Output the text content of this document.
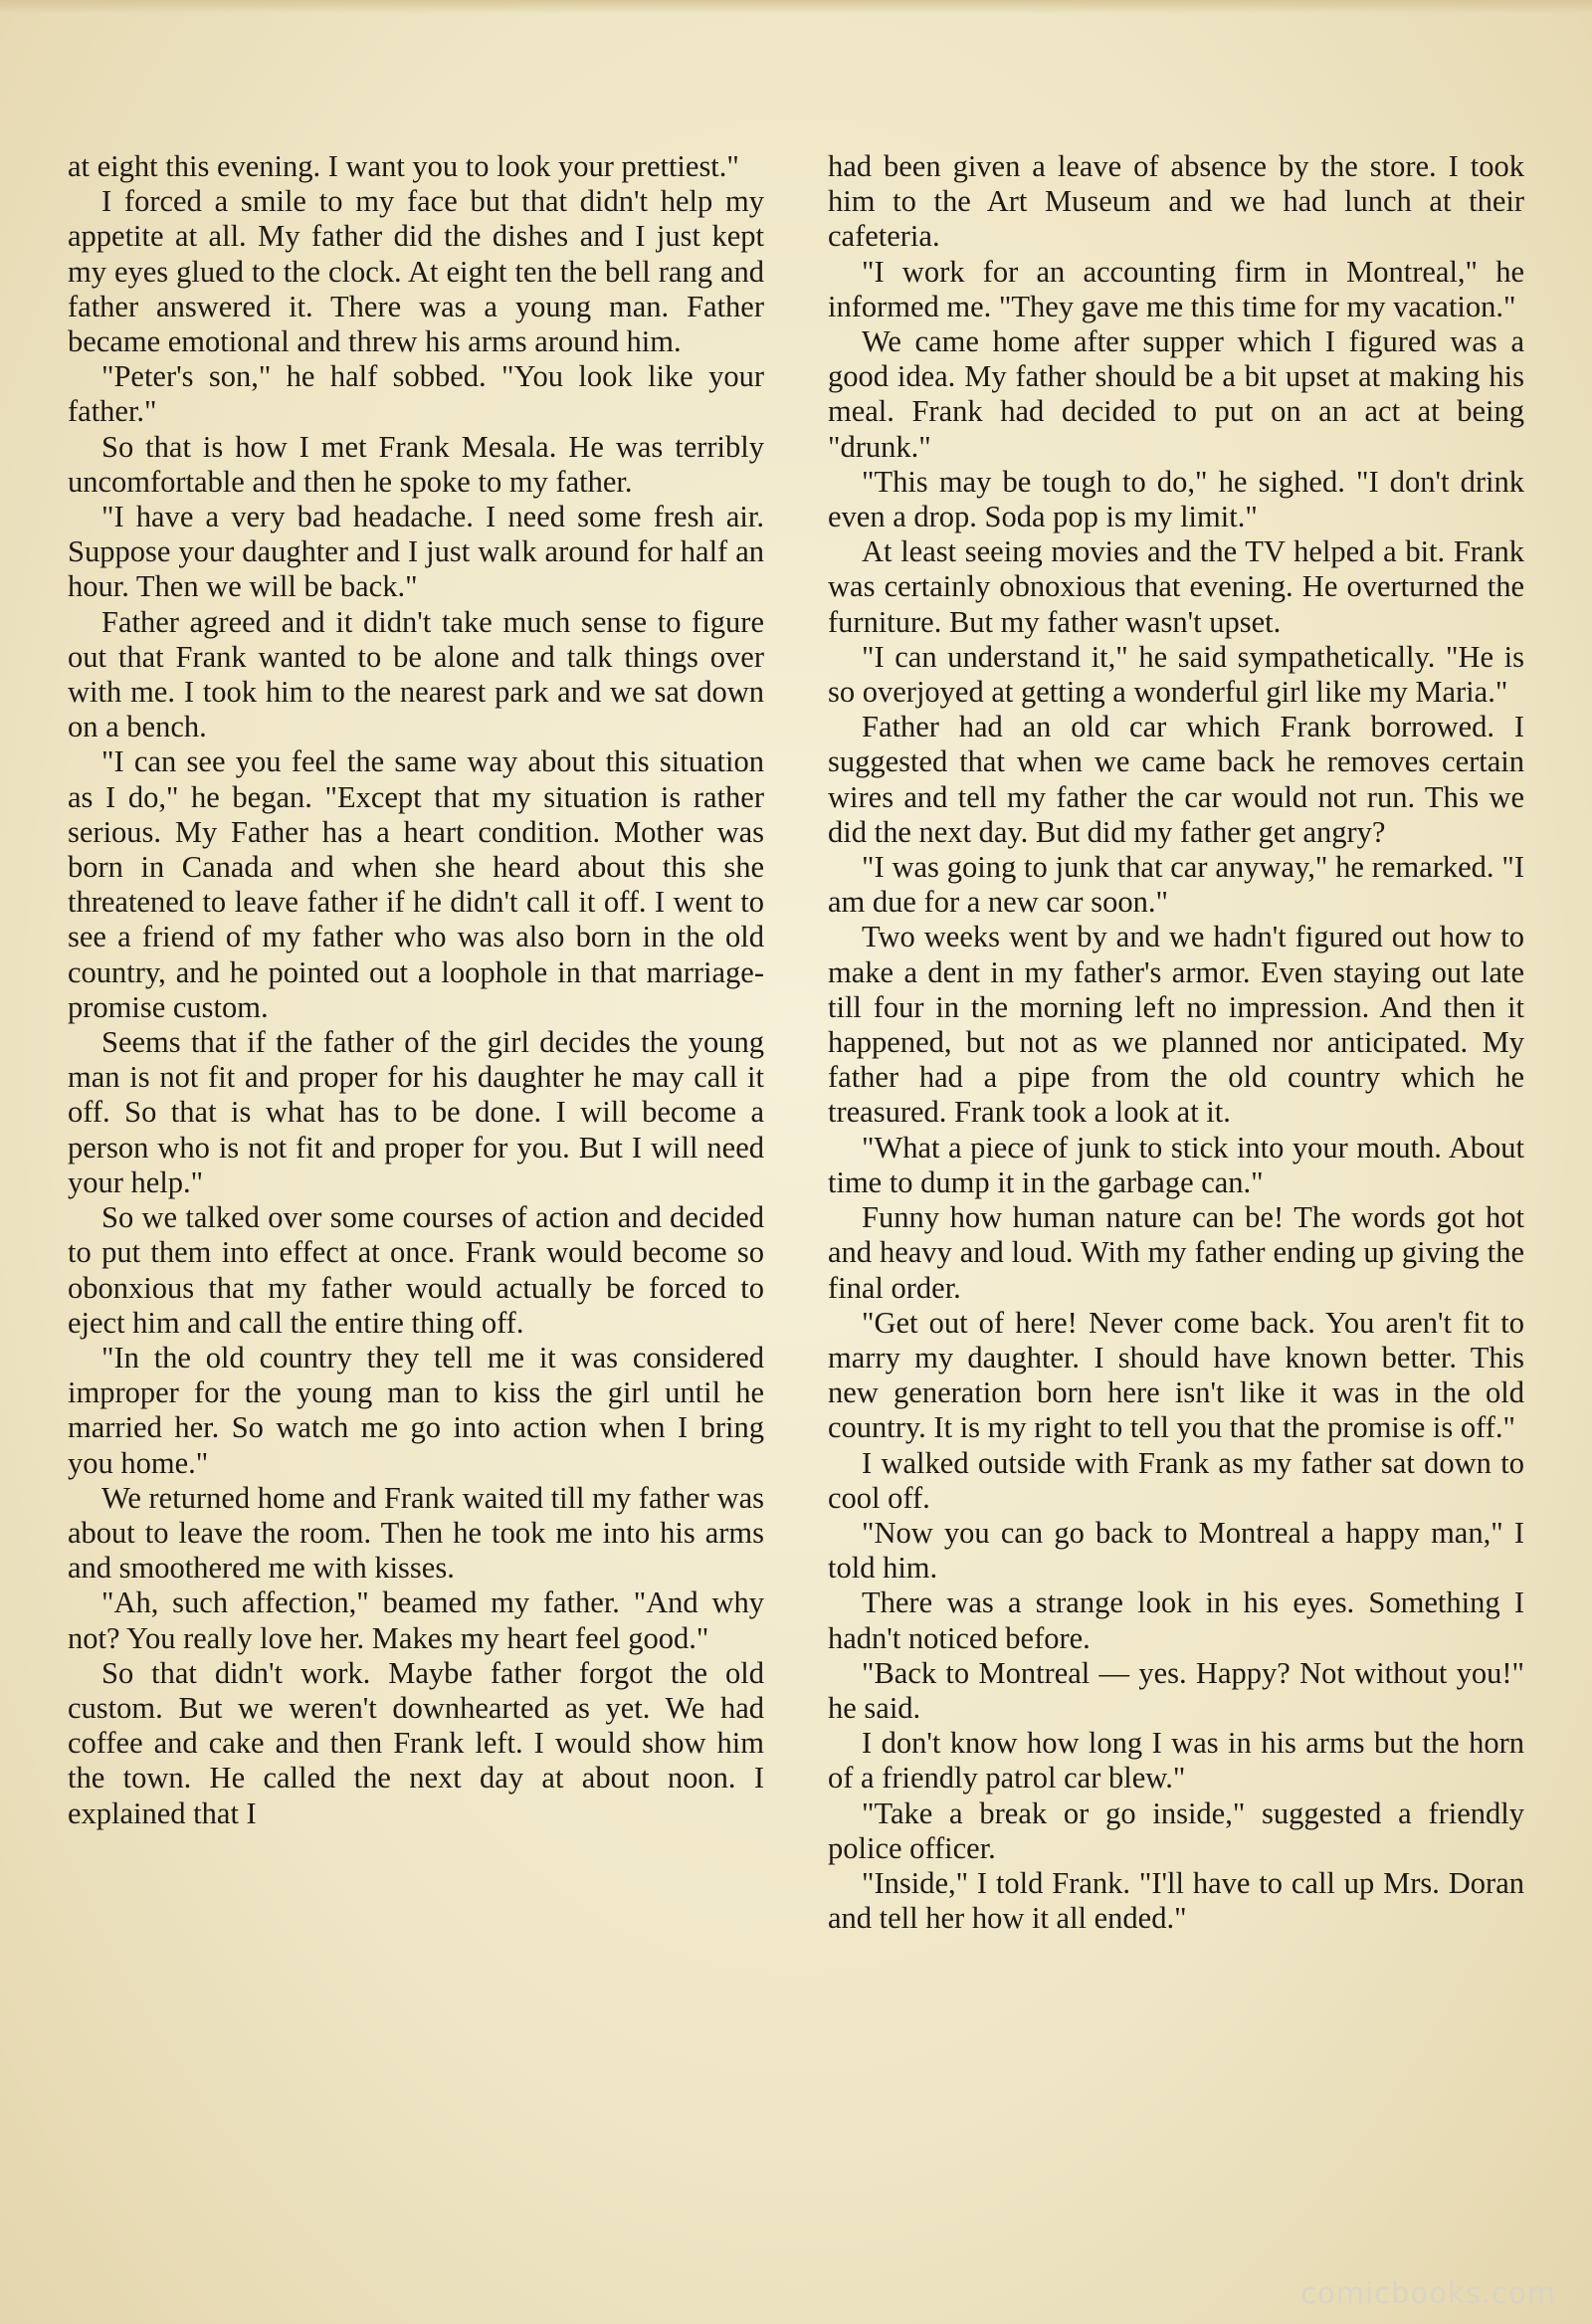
at eight this evening. I want you to look your prettiest."

I forced a smile to my face but that didn't help my appetite at all. My father did the dishes and I just kept my eyes glued to the clock. At eight ten the bell rang and father answered it. There was a young man. Father became emotional and threw his arms around him.

"Peter's son," he half sobbed. "You look like your father."

So that is how I met Frank Mesala. He was terribly uncomfortable and then he spoke to my father.

"I have a very bad headache. I need some fresh air. Suppose your daughter and I just walk around for half an hour. Then we will be back."

Father agreed and it didn't take much sense to figure out that Frank wanted to be alone and talk things over with me. I took him to the nearest park and we sat down on a bench.

"I can see you feel the same way about this situation as I do," he began. "Except that my situation is rather serious. My Father has a heart condition. Mother was born in Canada and when she heard about this she threatened to leave father if he didn't call it off. I went to see a friend of my father who was also born in the old country, and he pointed out a loophole in that marriage-promise custom.

Seems that if the father of the girl decides the young man is not fit and proper for his daughter he may call it off. So that is what has to be done. I will become a person who is not fit and proper for you. But I will need your help."

So we talked over some courses of action and decided to put them into effect at once. Frank would become so obonxious that my father would actually be forced to eject him and call the entire thing off.

"In the old country they tell me it was considered improper for the young man to kiss the girl until he married her. So watch me go into action when I bring you home."

We returned home and Frank waited till my father was about to leave the room. Then he took me into his arms and smoothered me with kisses.

"Ah, such affection," beamed my father. "And why not? You really love her. Makes my heart feel good."

So that didn't work. Maybe father forgot the old custom. But we weren't downhearted as yet. We had coffee and cake and then Frank left. I would show him the town. He called the next day at about noon. I explained that I

had been given a leave of absence by the store. I took him to the Art Museum and we had lunch at their cafeteria.

"I work for an accounting firm in Montreal," he informed me. "They gave me this time for my vacation."

We came home after supper which I figured was a good idea. My father should be a bit upset at making his meal. Frank had decided to put on an act at being "drunk."

"This may be tough to do," he sighed. "I don't drink even a drop. Soda pop is my limit."

At least seeing movies and the TV helped a bit. Frank was certainly obnoxious that evening. He overturned the furniture. But my father wasn't upset.

"I can understand it," he said sympathetically. "He is so overjoyed at getting a wonderful girl like my Maria."

Father had an old car which Frank borrowed. I suggested that when we came back he removes certain wires and tell my father the car would not run. This we did the next day. But did my father get angry?

"I was going to junk that car anyway," he remarked. "I am due for a new car soon."

Two weeks went by and we hadn't figured out how to make a dent in my father's armor. Even staying out late till four in the morning left no impression. And then it happened, but not as we planned nor anticipated. My father had a pipe from the old country which he treasured. Frank took a look at it.

"What a piece of junk to stick into your mouth. About time to dump it in the garbage can."

Funny how human nature can be! The words got hot and heavy and loud. With my father ending up giving the final order.

"Get out of here! Never come back. You aren't fit to marry my daughter. I should have known better. This new generation born here isn't like it was in the old country. It is my right to tell you that the promise is off."

I walked outside with Frank as my father sat down to cool off.

"Now you can go back to Montreal a happy man," I told him.

There was a strange look in his eyes. Something I hadn't noticed before.

"Back to Montreal — yes. Happy? Not without you!" he said.

I don't know how long I was in his arms but the horn of a friendly patrol car blew."

"Take a break or go inside," suggested a friendly police officer.

"Inside," I told Frank. "I'll have to call up Mrs. Doran and tell her how it all ended."

comicbooks.com
